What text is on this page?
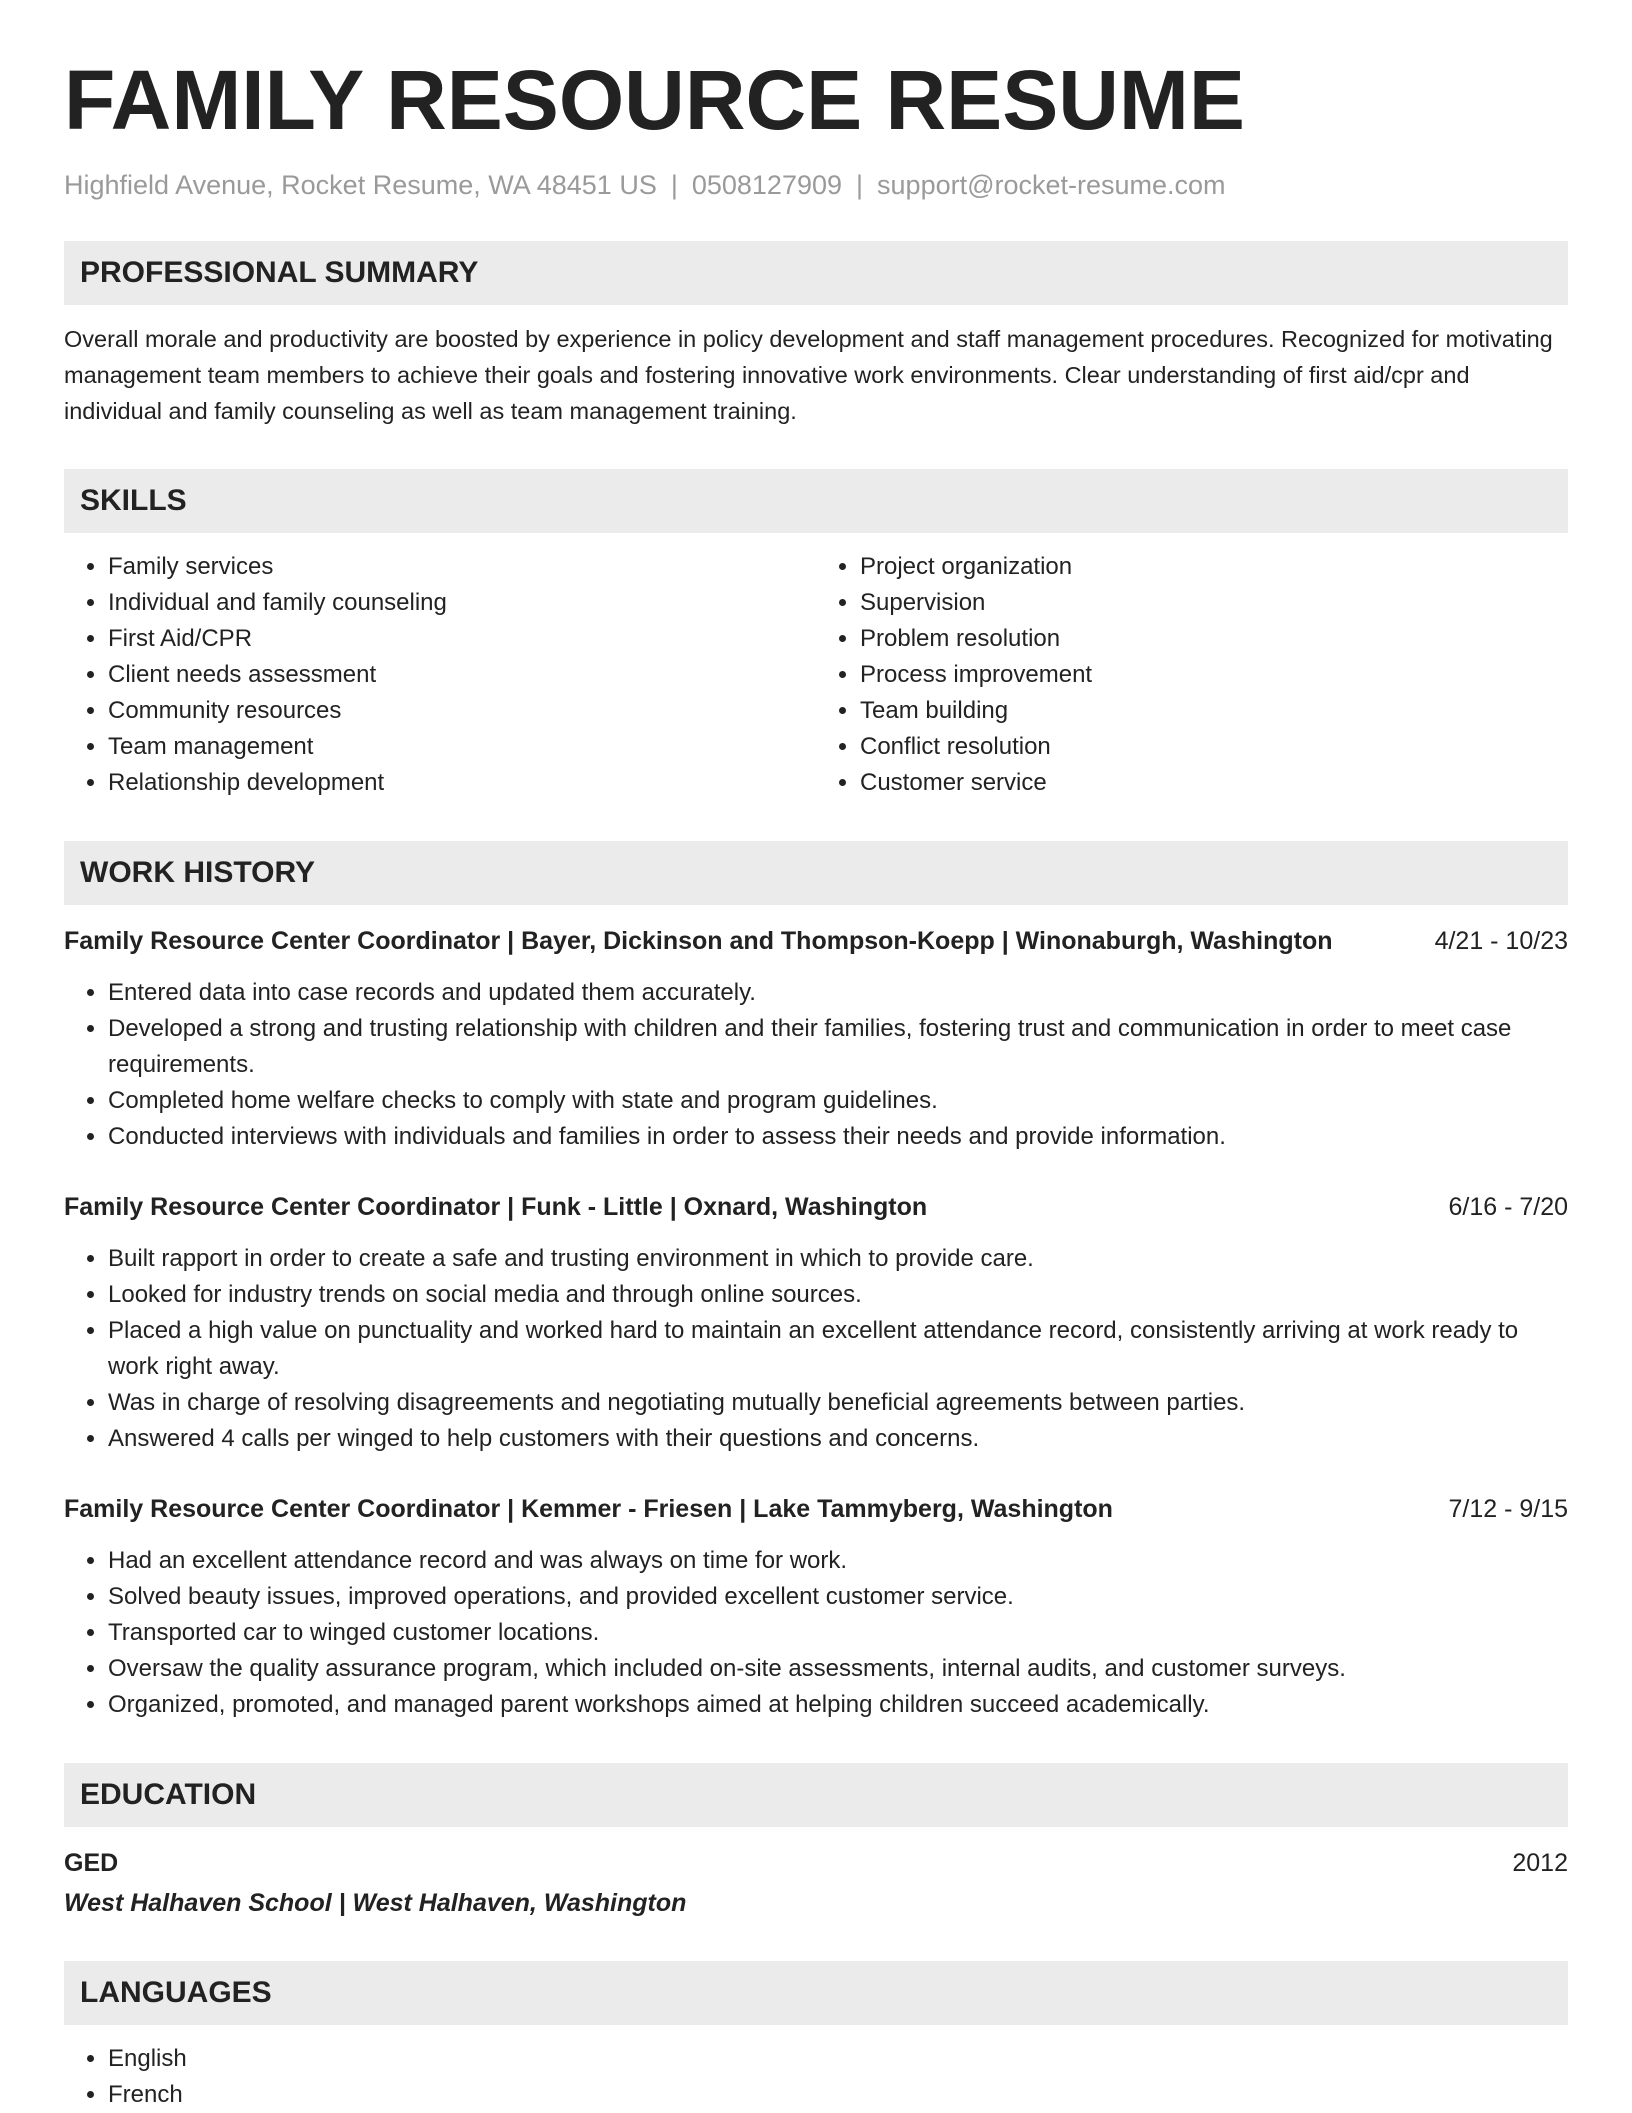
FAMILY RESOURCE RESUME
Highfield Avenue, Rocket Resume, WA 48451 US | 0508127909 | support@rocket-resume.com
PROFESSIONAL SUMMARY

Overall morale and productivity are boosted by experience in policy development and staff management procedures. Recognized for motivating management team members to achieve their goals and fostering innovative work environments. Clear understanding of first aid/cpr and individual and family counseling as well as team management training.

SKILLS
• Family services
• Individual and family counseling
• First Aid/CPR
• Client needs assessment
• Community resources
• Team management
• Relationship development
• Project organization
• Supervision
• Problem resolution
• Process improvement
• Team building
• Conflict resolution
• Customer service
WORK HISTORY
Family Resource Center Coordinator | Bayer, Dickinson and Thompson-Koepp | Winonaburgh, Washington	4/21 - 10/23
• Entered data into case records and updated them accurately.
• Developed a strong and trusting relationship with children and their families, fostering trust and communication in order to meet case requirements.
• Completed home welfare checks to comply with state and program guidelines.
• Conducted interviews with individuals and families in order to assess their needs and provide information.
Family Resource Center Coordinator | Funk - Little | Oxnard, Washington	6/16 - 7/20
• Built rapport in order to create a safe and trusting environment in which to provide care.
• Looked for industry trends on social media and through online sources.
• Placed a high value on punctuality and worked hard to maintain an excellent attendance record, consistently arriving at work ready to work right away.
• Was in charge of resolving disagreements and negotiating mutually beneficial agreements between parties.
• Answered 4 calls per winged to help customers with their questions and concerns.
Family Resource Center Coordinator | Kemmer - Friesen | Lake Tammyberg, Washington	7/12 - 9/15
• Had an excellent attendance record and was always on time for work.
• Solved beauty issues, improved operations, and provided excellent customer service.
• Transported car to winged customer locations.
• Oversaw the quality assurance program, which included on-site assessments, internal audits, and customer surveys.
• Organized, promoted, and managed parent workshops aimed at helping children succeed academically.
EDUCATION
GED	2012
West Halhaven School | West Halhaven, Washington
LANGUAGES
• English
• French
